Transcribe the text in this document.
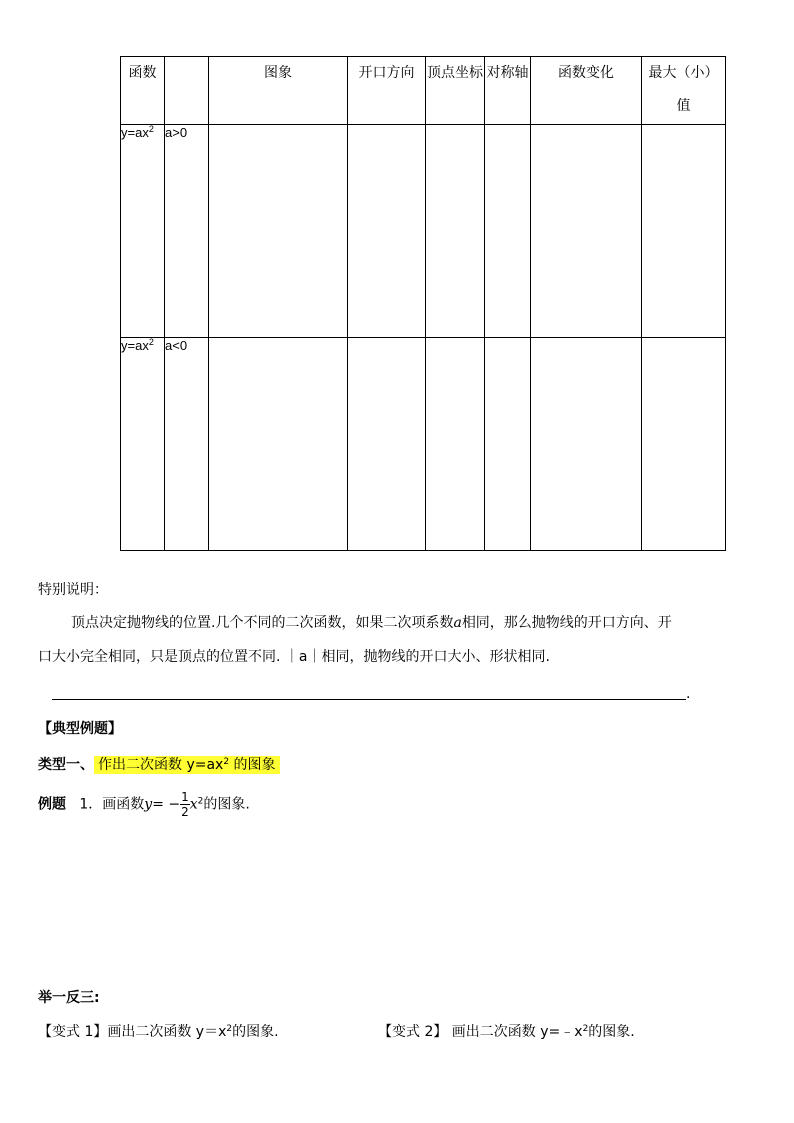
函数		图象	开口方向	顶点坐标	对称轴	函数变化	最大（小）值
$y=ax^2$	a>0						
$y=ax^2$	a<0						
特别说明：
顶点决定抛物线的位置.几个不同的二次函数，如果二次项系数a相同，那么抛物线的开口方向、开
口大小完全相同，只是顶点的位置不同. ｜a｜相同，抛物线的开口大小、形状相同.
.
【典型例题】
类型一、 作出二次函数 $y=ax^2$ 的图象
例题 1．画函数$y= - \frac{1}{2} x^2$的图象.
举一反三:
【变式 1】画出二次函数 $y=x^2$的图象.	【变式 2】 画出二次函数 $y=﹣x^2$的图象.
